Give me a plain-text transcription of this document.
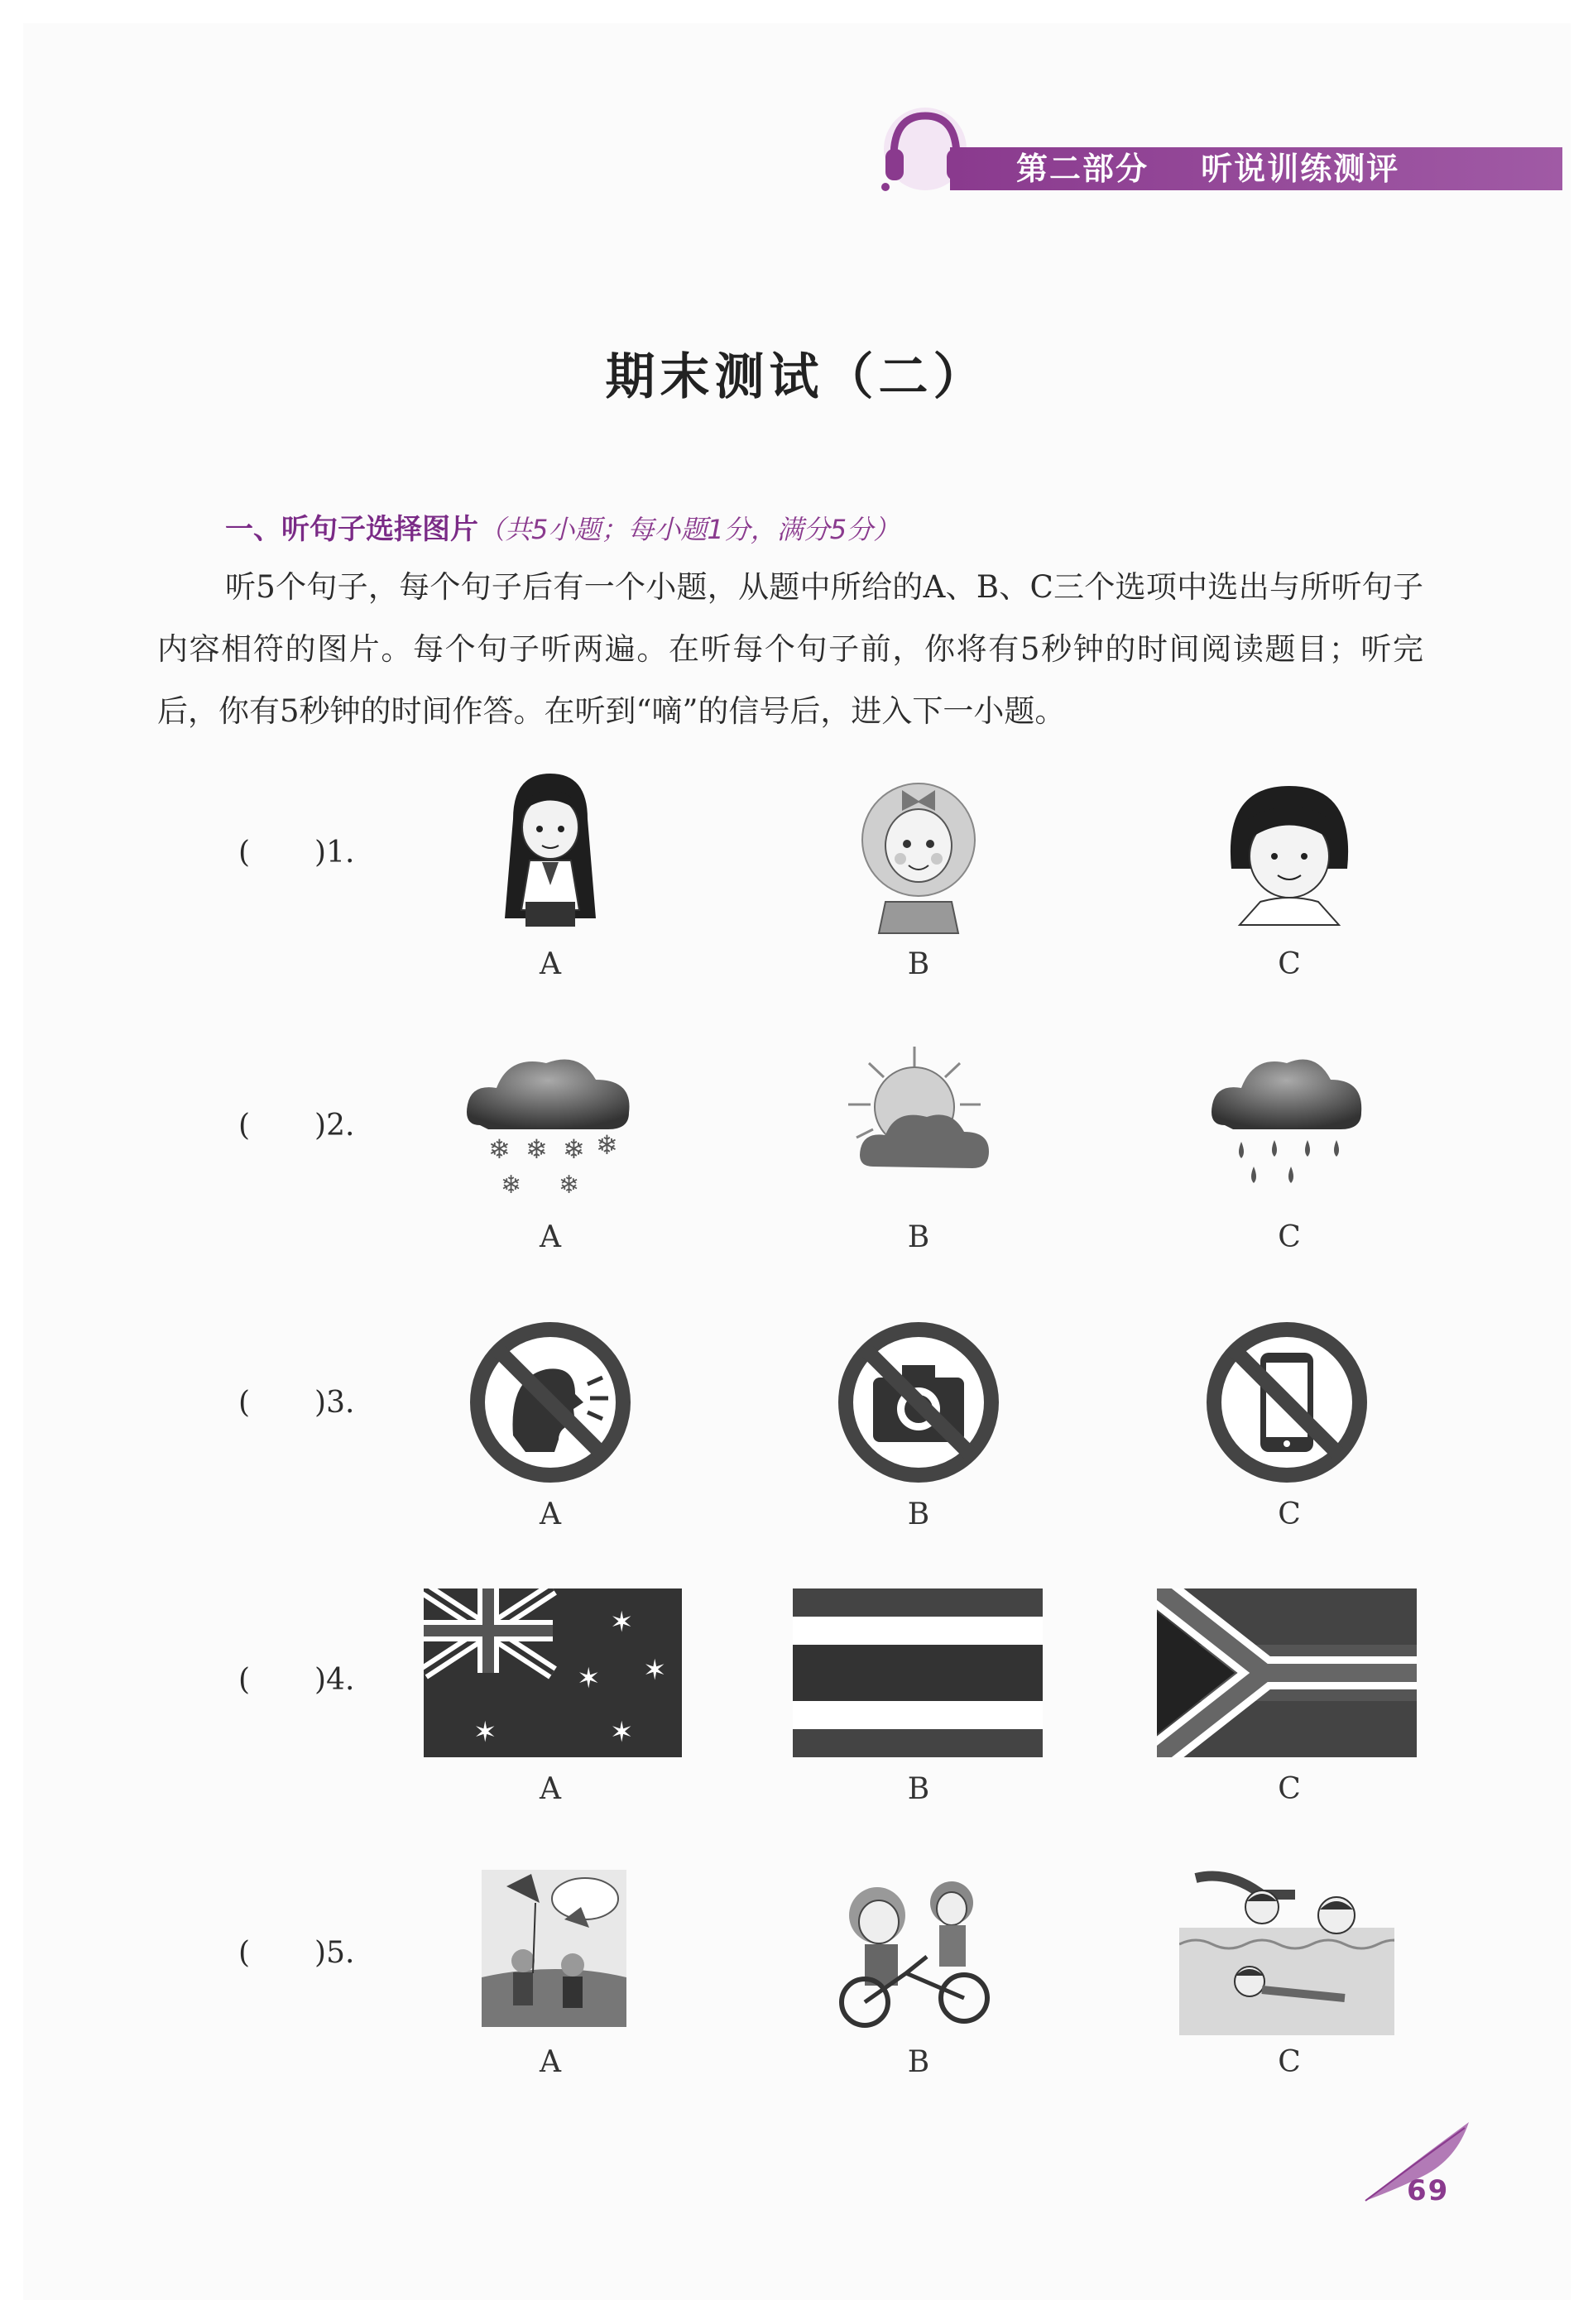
第二部分 听说训练测评
期末测试（二）
一、听句子选择图片（共5小题；每小题1分，满分5分）
听5个句子，每个句子后有一个小题，从题中所给的A、B、C三个选项中选出与所听句子内容相符的图片。每个句子听两遍。在听每个句子前，你将有5秒钟的时间阅读题目；听完后，你有5秒钟的时间作答。在听到“嘀”的信号后，进入下一小题。
( )1.
A	B	C
( )2.
❄ ❄ ❄ ❄
❄ ❄
A	B	C
( )3.
A	B	C
( )4.
✶
✶
✶
✶
✶
A	B	C
( )5.
A	B	C
69
